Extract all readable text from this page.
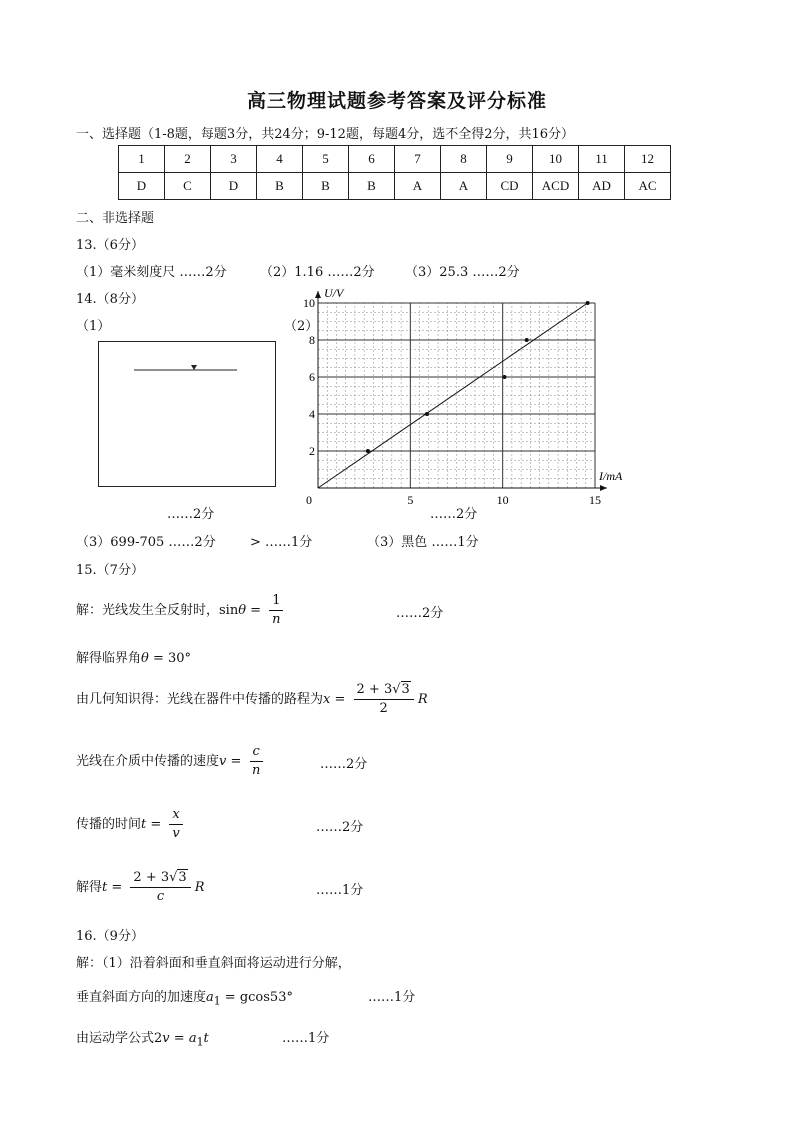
高三物理试题参考答案及评分标准
一、选择题（1-8题，每题3分，共24分；9-12题，每题4分，选不全得2分，共16分）
1	2	3	4	5	6	7	8	9	10	11	12
D	C	D	B	B	B	A	A	CD	ACD	AD	AC
二、非选择题
13.（6分）
（1）毫米刻度尺 ……2分	（2）1.16 ……2分 （3）25.3 ……2分
14.（8分）
（1）	（2）
……2分
0	5	10	15
2
4
6
8
10
I/mA
U/V
……2分
（3）699-705 ……2分	> ……1分	（3）黑色 ……1分
15.（7分）
解：光线发生全反射时，$\sin\theta = \frac{1}{n}$	……2分
解得临界角θ = 30°
由几何知识得：光线在器件中传播的路程为$x = \frac{2 + 3√3}{2}$ R
光线在介质中传播的速度$v = \frac{c}{n}$	……2分
传播的时间$t = \frac{x}{v}$	……2分
解得$t = \frac{2 + 3√3}{c}$ R	……1分
16.（9分）
解：（1）沿着斜面和垂直斜面将运动进行分解，
垂直斜面方向的加速度$a_1 = gcos53^\circ$	……1分
由运动学公式$2v = a_1t$	……1分
